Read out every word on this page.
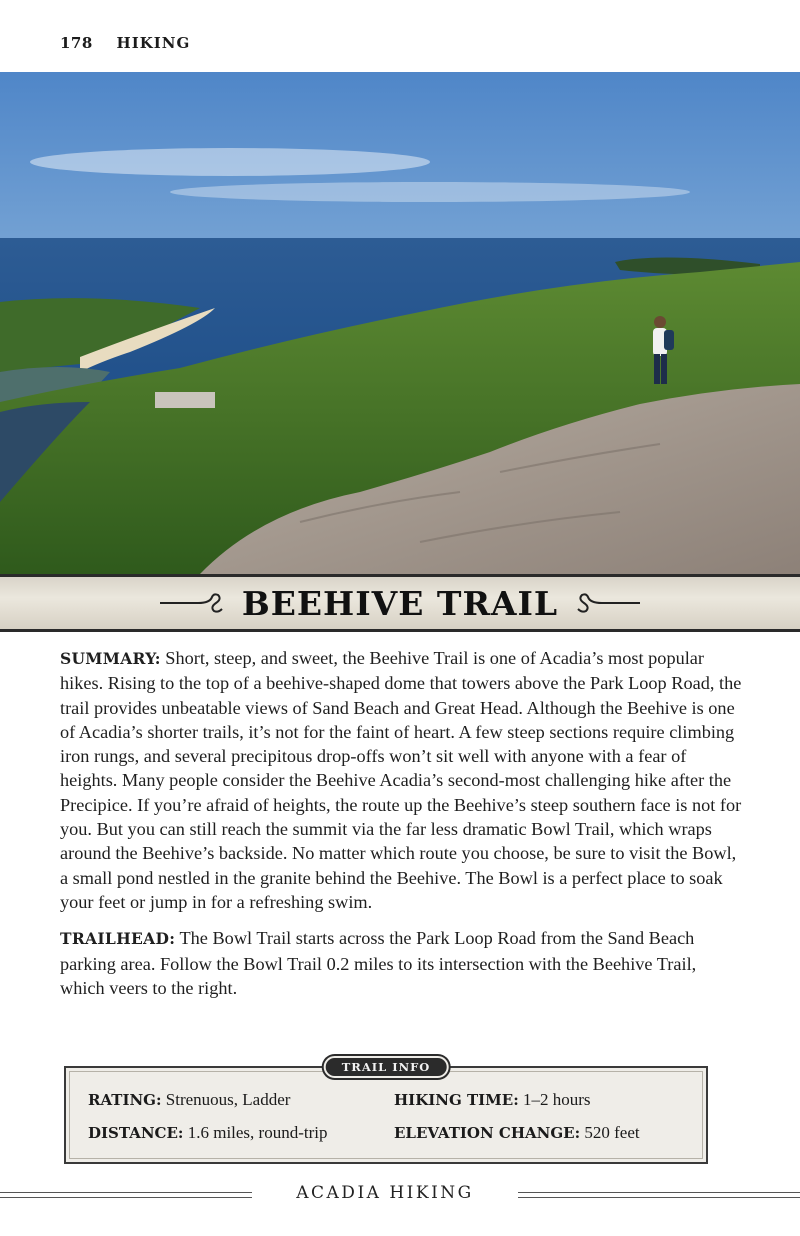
178 HIKING
BEEHIVE TRAIL

SUMMARY: Short, steep, and sweet, the Beehive Trail is one of Acadia’s most popular hikes. Rising to the top of a beehive-shaped dome that towers above the Park Loop Road, the trail provides unbeatable views of Sand Beach and Great Head. Although the Beehive is one of Acadia’s shorter trails, it’s not for the faint of heart. A few steep sections require climbing iron rungs, and several precipitous drop-offs won’t sit well with anyone with a fear of heights. Many people consider the Beehive Acadia’s second-most challenging hike after the Precipice. If you’re afraid of heights, the route up the Beehive’s steep southern face is not for you. But you can still reach the summit via the far less dramatic Bowl Trail, which wraps around the Beehive’s backside. No matter which route you choose, be sure to visit the Bowl, a small pond nestled in the granite behind the Beehive. The Bowl is a perfect place to soak your feet or jump in for a refreshing swim.

TRAILHEAD: The Bowl Trail starts across the Park Loop Road from the Sand Beach parking area. Follow the Bowl Trail 0.2 miles to its intersection with the Beehive Trail, which veers to the right.

TRAIL INFO
RATING: Strenuous, Ladder	HIKING TIME: 1–2 hours
DISTANCE: 1.6 miles, round-trip	ELEVATION CHANGE: 520 feet
ACADIA HIKING
